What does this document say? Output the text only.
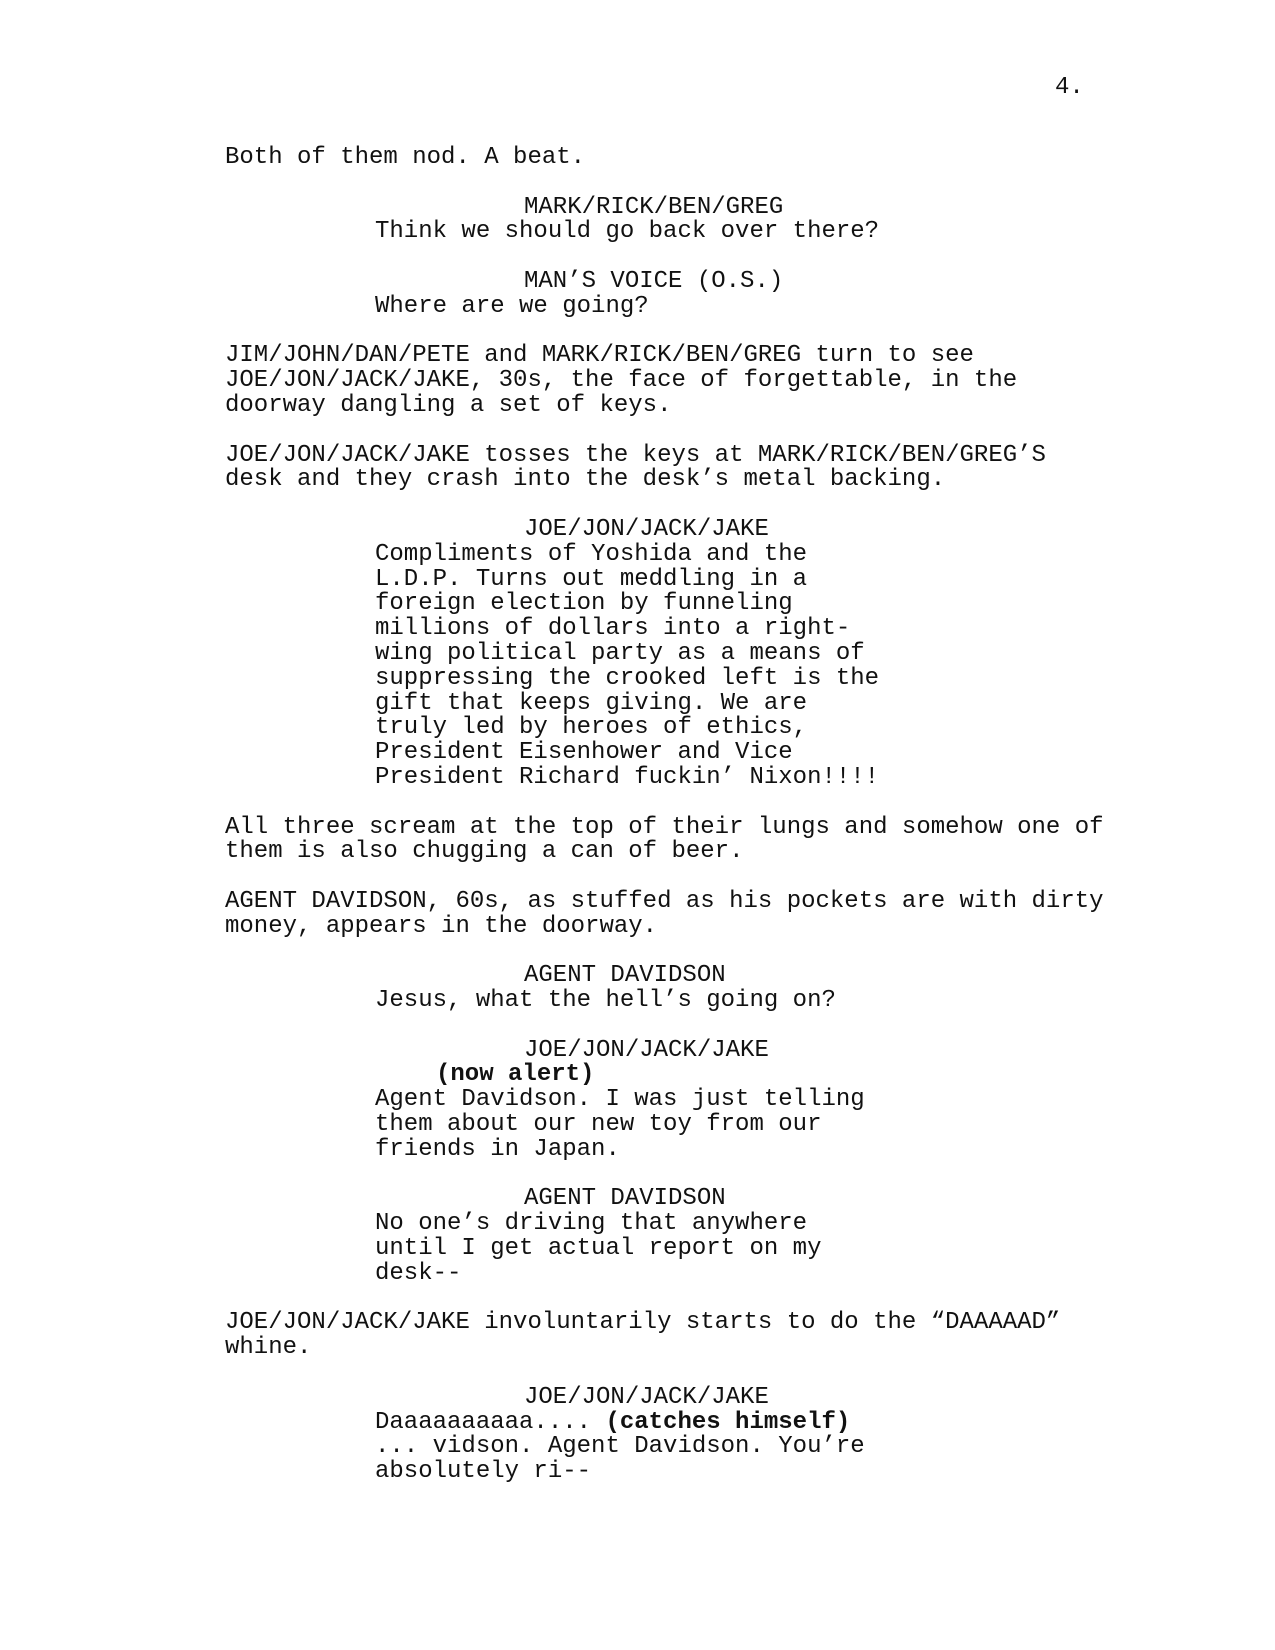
4.
Both of them nod. A beat.
MARK/RICK/BEN/GREG
Think we should go back over there?
MAN’S VOICE (O.S.)
Where are we going?
JIM/JOHN/DAN/PETE and MARK/RICK/BEN/GREG turn to see
JOE/JON/JACK/JAKE, 30s, the face of forgettable, in the
doorway dangling a set of keys.
JOE/JON/JACK/JAKE tosses the keys at MARK/RICK/BEN/GREG’S
desk and they crash into the desk’s metal backing.
JOE/JON/JACK/JAKE
Compliments of Yoshida and the
L.D.P. Turns out meddling in a
foreign election by funneling
millions of dollars into a right-
wing political party as a means of
suppressing the crooked left is the
gift that keeps giving. We are
truly led by heroes of ethics,
President Eisenhower and Vice
President Richard fuckin’ Nixon!!!!
All three scream at the top of their lungs and somehow one of
them is also chugging a can of beer.
AGENT DAVIDSON, 60s, as stuffed as his pockets are with dirty
money, appears in the doorway.
AGENT DAVIDSON
Jesus, what the hell’s going on?
JOE/JON/JACK/JAKE
(now alert)
Agent Davidson. I was just telling
them about our new toy from our
friends in Japan.
AGENT DAVIDSON
No one’s driving that anywhere
until I get actual report on my
desk--
JOE/JON/JACK/JAKE involuntarily starts to do the “DAAAAAD”
whine.
JOE/JON/JACK/JAKE
Daaaaaaaaaa.... (catches himself)
... vidson. Agent Davidson. You’re
absolutely ri--
